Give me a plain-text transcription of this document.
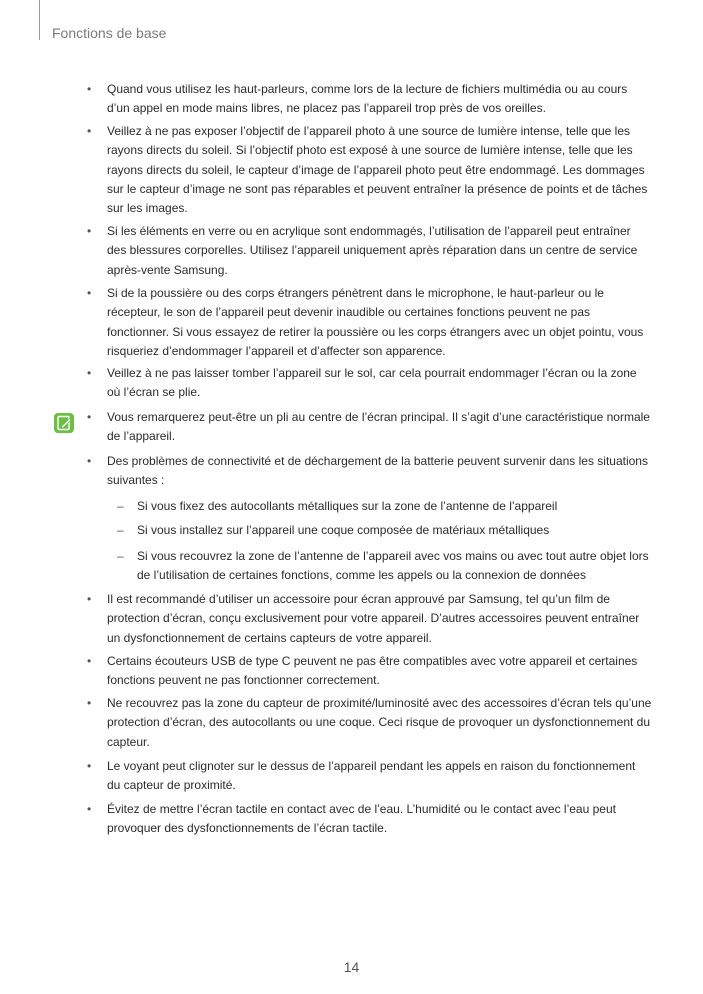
Fonctions de base
• Quand vous utilisez les haut-parleurs, comme lors de la lecture de fichiers multimédia ou au cours d’un appel en mode mains libres, ne placez pas l’appareil trop près de vos oreilles.
• Veillez à ne pas exposer l’objectif de l’appareil photo à une source de lumière intense, telle que les rayons directs du soleil. Si l’objectif photo est exposé à une source de lumière intense, telle que les rayons directs du soleil, le capteur d’image de l’appareil photo peut être endommagé. Les dommages sur le capteur d’image ne sont pas réparables et peuvent entraîner la présence de points et de tâches sur les images.
• Si les éléments en verre ou en acrylique sont endommagés, l’utilisation de l’appareil peut entraîner des blessures corporelles. Utilisez l’appareil uniquement après réparation dans un centre de service après-vente Samsung.
• Si de la poussière ou des corps étrangers pénètrent dans le microphone, le haut-parleur ou le récepteur, le son de l’appareil peut devenir inaudible ou certaines fonctions peuvent ne pas fonctionner. Si vous essayez de retirer la poussière ou les corps étrangers avec un objet pointu, vous risqueriez d’endommager l’appareil et d’affecter son apparence.
• Veillez à ne pas laisser tomber l’appareil sur le sol, car cela pourrait endommager l’écran ou la zone où l’écran se plie.
• Vous remarquerez peut-être un pli au centre de l’écran principal. Il s’agit d’une caractéristique normale de l’appareil.
• Des problèmes de connectivité et de déchargement de la batterie peuvent survenir dans les situations suivantes :
– Si vous fixez des autocollants métalliques sur la zone de l’antenne de l’appareil
– Si vous installez sur l’appareil une coque composée de matériaux métalliques
– Si vous recouvrez la zone de l’antenne de l’appareil avec vos mains ou avec tout autre objet lors de l’utilisation de certaines fonctions, comme les appels ou la connexion de données
• Il est recommandé d’utiliser un accessoire pour écran approuvé par Samsung, tel qu’un film de protection d’écran, conçu exclusivement pour votre appareil. D’autres accessoires peuvent entraîner un dysfonctionnement de certains capteurs de votre appareil.
• Certains écouteurs USB de type C peuvent ne pas être compatibles avec votre appareil et certaines fonctions peuvent ne pas fonctionner correctement.
• Ne recouvrez pas la zone du capteur de proximité/luminosité avec des accessoires d’écran tels qu’une protection d’écran, des autocollants ou une coque. Ceci risque de provoquer un dysfonctionnement du capteur.
• Le voyant peut clignoter sur le dessus de l’appareil pendant les appels en raison du fonctionnement du capteur de proximité.
• Évitez de mettre l’écran tactile en contact avec de l’eau. L’humidité ou le contact avec l’eau peut provoquer des dysfonctionnements de l’écran tactile.
14
